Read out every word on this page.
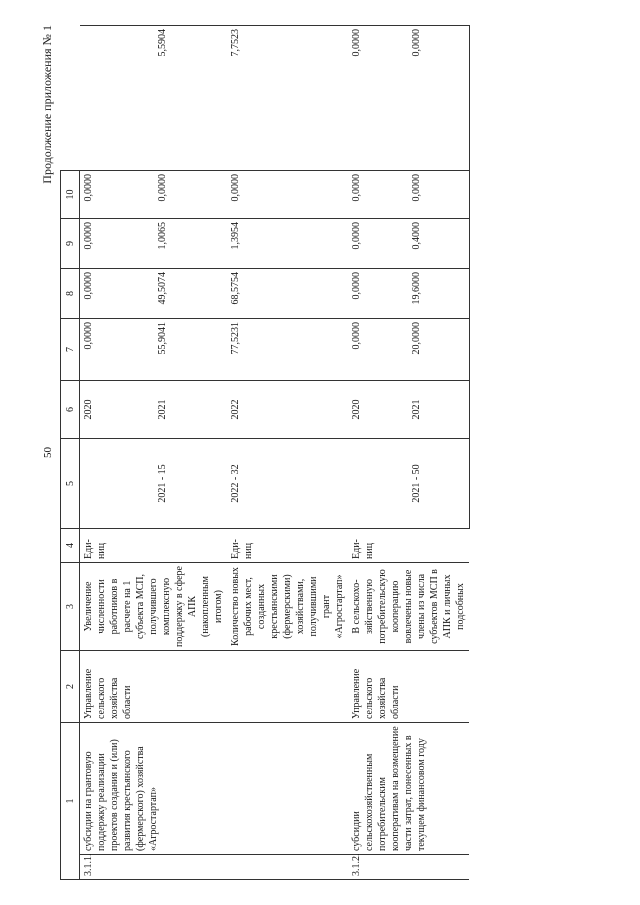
50
Продолжение приложения № 1
1		2	3	4	5	6	7	8	9	10	
3.1.1.	субсидии на грантовую поддержку реализации проектов создания и (или) развития крестьянского (фермерского) хозяйства «Агростартап»	Управление сельского хозяйства области	Увеличение численности работников в расчете на 1 субъекта МСП, получившего комплексную поддержку в сфере АПК (накопленным итогом)	Еди-
ниц		2020	0,0000	0,0000	0,0000	0,0000	
					2021 - 15	2021	55,9041	49,5074	1,0065	0,0000	5,5904
			Количество новых рабочих мест, созданных крестьянскими (фермерскими) хозяйствами, получившими грант «Агростартап»	Еди-
ниц	2022 - 32	2022	77,5231	68,5754	1,3954	0,0000	7,7523
3.1.2.	субсидии сельскохозяйственным потребительским кооперативам на возмещение части затрат, понесенных в текущем финансовом году	Управление сельского хозяйства области	В сельскохо-зяйственную потребительскую кооперацию вовлечены новые члены из числа субъектов МСП в АПК и личных подсобных	Еди-
ниц		2020	0,0000	0,0000	0,0000	0,0000	0,0000
					2021 - 50	2021	20,0000	19,6000	0,4000	0,0000	0,0000
